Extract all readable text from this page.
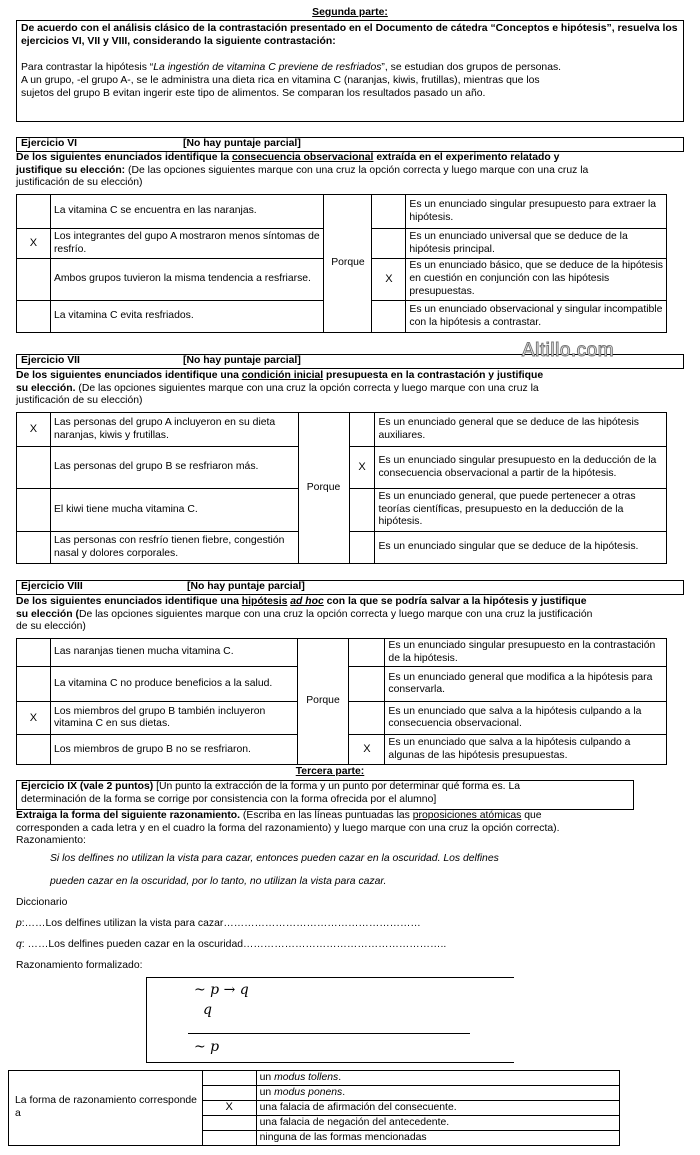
Segunda parte:
De acuerdo con el análisis clásico de la contrastación presentado en el Documento de cátedra “Conceptos e hipótesis”, resuelva los ejercicios VI, VII y VIII, considerando la siguiente contrastación:
Para contrastar la hipótesis “La ingestión de vitamina C previene de resfriados”, se estudian dos grupos de personas.
A un grupo, -el grupo A-, se le administra una dieta rica en vitamina C (naranjas, kiwis, frutillas), mientras que los
sujetos del grupo B evitan ingerir este tipo de alimentos. Se comparan los resultados pasado un año.
Ejercicio VI	[No hay puntaje parcial]
De los siguientes enunciados identifique la consecuencia observacional extraída en el experimento relatado y
justifique su elección: (De las opciones siguientes marque con una cruz la opción correcta y luego marque con una cruz la
justificación de su elección)
	La vitamina C se encuentra en las naranjas.	Porque		Es un enunciado singular presupuesto para extraer la hipótesis.
X	Los integrantes del gupo A mostraron menos síntomas de resfrío.			Es un enunciado universal que se deduce de la hipótesis principal.
	Ambos grupos tuvieron la misma tendencia a resfriarse.		X	Es un enunciado básico, que se deduce de la hipótesis en cuestión en conjunción con las hipótesis presupuestas.
	La vitamina C evita resfriados.			Es un enunciado observacional y singular incompatible con la hipótesis a contrastar.
Ejercicio VII	[No hay puntaje parcial]	Altillo.com
De los siguientes enunciados identifique una condición inicial presupuesta en la contrastación y justifique
su elección. (De las opciones siguientes marque con una cruz la opción correcta y luego marque con una cruz la
justificación de su elección)
X	Las personas del grupo A incluyeron en su dieta naranjas, kiwis y frutillas.	Porque		Es un enunciado general que se deduce de las hipótesis auxiliares.
	Las personas del grupo B se resfriaron más.		X	Es un enunciado singular presupuesto en la deducción de la consecuencia observacional a partir de la hipótesis.
	El kiwi tiene mucha vitamina C.			Es un enunciado general, que puede pertenecer a otras teorías científicas, presupuesto en la deducción de la hipótesis.
	Las personas con resfrío tienen fiebre, congestión nasal y dolores corporales.			Es un enunciado singular que se deduce de la hipótesis.
Ejercicio VIII	[No hay puntaje parcial]
De los siguientes enunciados identifique una hipótesis ad hoc con la que se podría salvar a la hipótesis y justifique
su elección (De las opciones siguientes marque con una cruz la opción correcta y luego marque con una cruz la justificación
de su elección)
	Las naranjas tienen mucha vitamina C.	Porque		Es un enunciado singular presupuesto en la contrastación de la hipótesis.
	La vitamina C no produce beneficios a la salud.			Es un enunciado general que modifica a la hipótesis para conservarla.
X	Los miembros del grupo B también incluyeron vitamina C en sus dietas.			Es un enunciado que salva a la hipótesis culpando a la consecuencia observacional.
	Los miembros de grupo B no se resfriaron.		X	Es un enunciado que salva a la hipótesis culpando a algunas de las hipótesis presupuestas.
Tercera parte:
Ejercicio IX (vale 2 puntos) [Un punto la extracción de la forma y un punto por determinar qué forma es. La
determinación de la forma se corrige por consistencia con la forma ofrecida por el alumno]
Extraiga la forma del siguiente razonamiento. (Escriba en las líneas puntuadas las proposiciones atómicas que
corresponden a cada letra y en el cuadro la forma del razonamiento) y luego marque con una cruz la opción correcta).
Razonamiento:
Si los delfines no utilizan la vista para cazar, entonces pueden cazar en la oscuridad. Los delfines
pueden cazar en la oscuridad, por lo tanto, no utilizan la vista para cazar.
Diccionario
p:……Los delfines utilizan la vista para cazar…………………………………………………
q: ……Los delfines pueden cazar en la oscuridad…………………………………………………..
Razonamiento formalizado:
~ p → q
q
~ p
La forma de razonamiento corresponde a		un modus tollens.
		un modus ponens.
	X	una falacia de afirmación del consecuente.
		una falacia de negación del antecedente.
		ninguna de las formas mencionadas
